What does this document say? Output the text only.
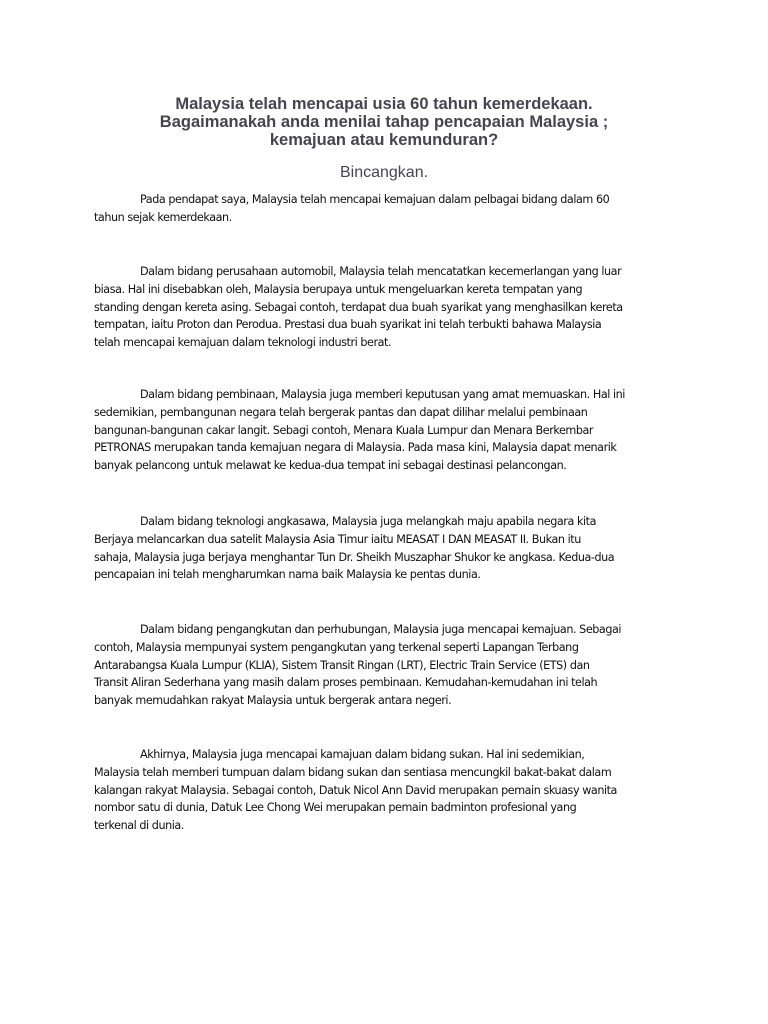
Malaysia telah mencapai usia 60 tahun kemerdekaan.
Bagaimanakah anda menilai tahap pencapaian Malaysia ;
kemajuan atau kemunduran?
Bincangkan.

Pada pendapat saya, Malaysia telah mencapai kemajuan dalam pelbagai bidang dalam 60
tahun sejak kemerdekaan.

Dalam bidang perusahaan automobil, Malaysia telah mencatatkan kecemerlangan yang luar
biasa. Hal ini disebabkan oleh, Malaysia berupaya untuk mengeluarkan kereta tempatan yang
standing dengan kereta asing. Sebagai contoh, terdapat dua buah syarikat yang menghasilkan kereta
tempatan, iaitu Proton dan Perodua. Prestasi dua buah syarikat ini telah terbukti bahawa Malaysia
telah mencapai kemajuan dalam teknologi industri berat.

Dalam bidang pembinaan, Malaysia juga memberi keputusan yang amat memuaskan. Hal ini
sedemikian, pembangunan negara telah bergerak pantas dan dapat dilihar melalui pembinaan
bangunan-bangunan cakar langit. Sebagi contoh, Menara Kuala Lumpur dan Menara Berkembar
PETRONAS merupakan tanda kemajuan negara di Malaysia. Pada masa kini, Malaysia dapat menarik
banyak pelancong untuk melawat ke kedua-dua tempat ini sebagai destinasi pelancongan.

Dalam bidang teknologi angkasawa, Malaysia juga melangkah maju apabila negara kita
Berjaya melancarkan dua satelit Malaysia Asia Timur iaitu MEASAT I DAN MEASAT II. Bukan itu
sahaja, Malaysia juga berjaya menghantar Tun Dr. Sheikh Muszaphar Shukor ke angkasa. Kedua-dua
pencapaian ini telah mengharumkan nama baik Malaysia ke pentas dunia.

Dalam bidang pengangkutan dan perhubungan, Malaysia juga mencapai kemajuan. Sebagai
contoh, Malaysia mempunyai system pengangkutan yang terkenal seperti Lapangan Terbang
Antarabangsa Kuala Lumpur (KLIA), Sistem Transit Ringan (LRT), Electric Train Service (ETS) dan
Transit Aliran Sederhana yang masih dalam proses pembinaan. Kemudahan-kemudahan ini telah
banyak memudahkan rakyat Malaysia untuk bergerak antara negeri.

Akhirnya, Malaysia juga mencapai kamajuan dalam bidang sukan. Hal ini sedemikian,
Malaysia telah memberi tumpuan dalam bidang sukan dan sentiasa mencungkil bakat-bakat dalam
kalangan rakyat Malaysia. Sebagai contoh, Datuk Nicol Ann David merupakan pemain skuasy wanita
nombor satu di dunia, Datuk Lee Chong Wei merupakan pemain badminton profesional yang
terkenal di dunia.
